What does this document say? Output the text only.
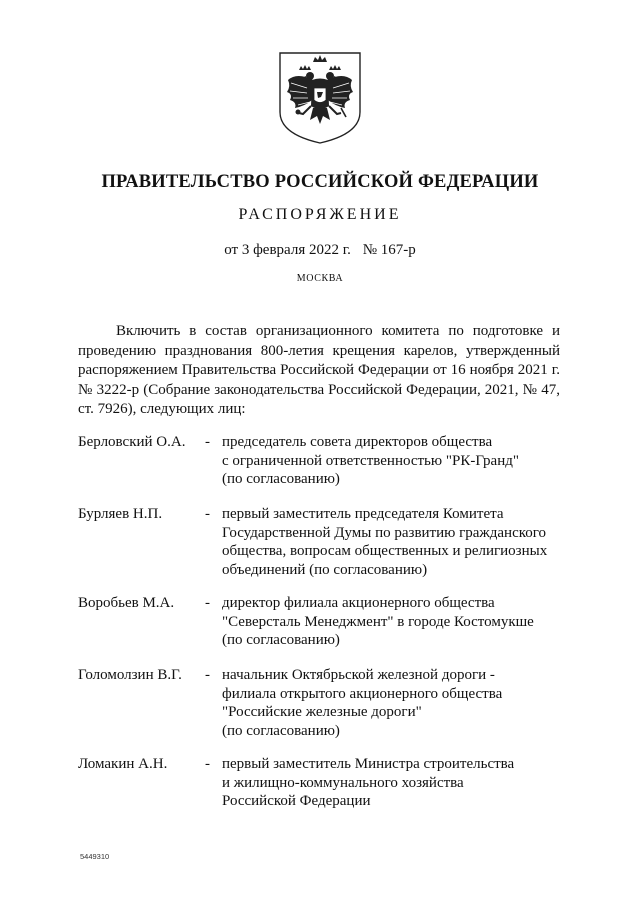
ПРАВИТЕЛЬСТВО РОССИЙСКОЙ ФЕДЕРАЦИИ
РАСПОРЯЖЕНИЕ
от 3 февраля 2022 г. № 167-р
МОСКВА

Включить в состав организационного комитета по подготовке и проведению празднования 800-летия крещения карелов, утвержденный распоряжением Правительства Российской Федерации от 16 ноября 2021 г. № 3222-р (Собрание законодательства Российской Федерации, 2021, № 47, ст. 7926), следующих лиц:

Берловский О.А. - председатель совета директоров общества
с ограниченной ответственностью "РК-Гранд"
(по согласованию)
Бурляев Н.П.	- первый заместитель председателя Комитета
Государственной Думы по развитию гражданского
общества, вопросам общественных и религиозных
объединений (по согласованию)
Воробьев М.А. - директор филиала акционерного общества
"Северсталь Менеджмент" в городе Костомукше
(по согласованию)
Голомолзин В.Г. - начальник Октябрьской железной дороги -
филиала открытого акционерного общества
"Российские железные дороги"
(по согласованию)
Ломакин А.Н.	- первый заместитель Министра строительства
и жилищно-коммунального хозяйства
Российской Федерации
5449310
